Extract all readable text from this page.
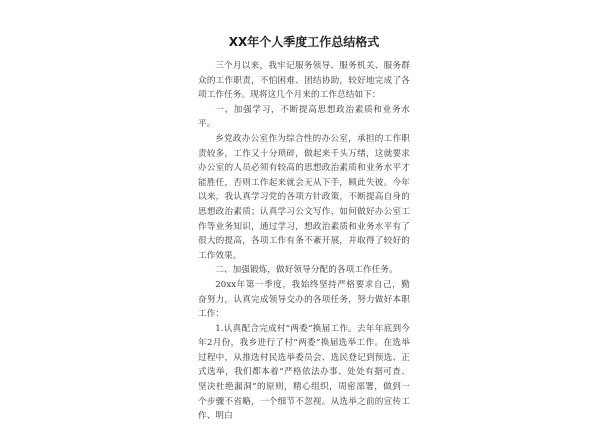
XX年个人季度工作总结格式

三个月以来，我牢记服务领导、服务机关、服务群众的工作职责，不怕困难、团结协助，较好地完成了各项工作任务。现将这几个月来的工作总结如下：

一、加强学习，不断提高思想政治素质和业务水平。

乡党政办公室作为综合性的办公室，承担的工作职责较多，工作又十分琐碎，做起来千头万绪，这就要求办公室的人员必须有较高的思想政治素质和业务水平才能胜任，否则工作起来就会无从下手，顾此失彼。今年以来，我认真学习党的各项方针政策，不断提高自身的思想政治素质；认真学习公文写作、如何做好办公室工作等业务知识，通过学习，想政治素质和业务水平有了很大的提高，各项工作有条不紊开展，并取得了较好的工作效果。

二、加强锻炼，做好领导分配的各项工作任务。

20xx年第一季度，我始终坚持严格要求自己，勤奋努力，认真完成领导交办的各项任务，努力做好本职工作：

1.认真配合完成村“两委”换届工作。去年年底到今年2月份，我乡进行了村“两委”换届选举工作。在选举过程中，从推选村民选举委员会、选民登记到预选、正式选举，我们都本着“严格依法办事、处处有据可查、坚决杜绝漏洞”的原则，精心组织，周密部署，做到一个步骤不省略，一个细节不忽视。从选举之前的宣传工作、明白
